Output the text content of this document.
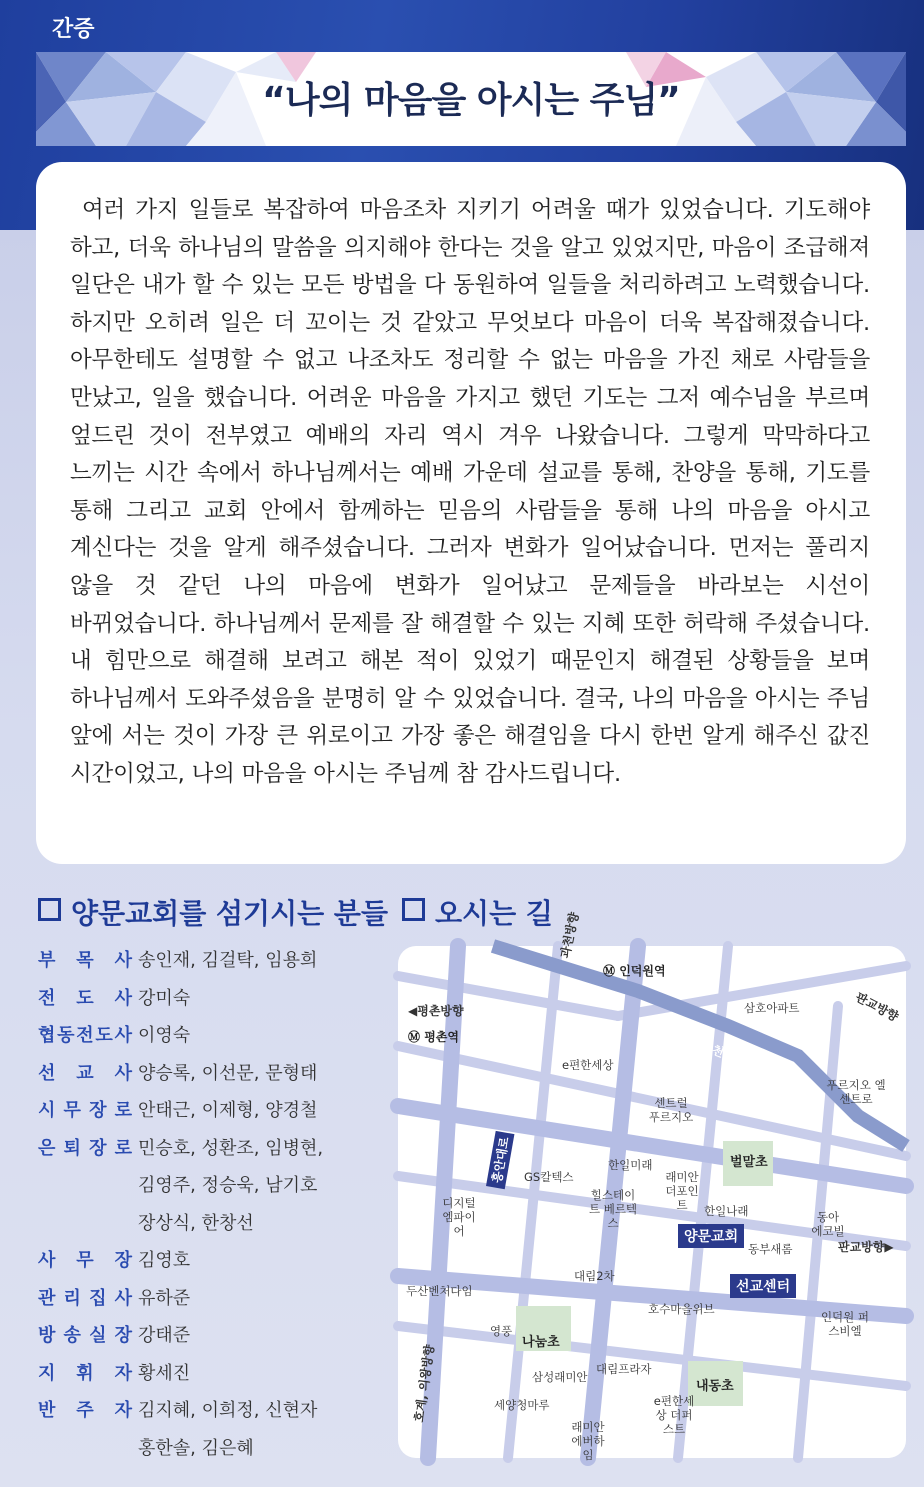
간증
“나의 마음을 아시는 주님”
여러 가지 일들로 복잡하여 마음조차 지키기 어려울 때가 있었습니다. 기도해야 하고, 더욱 하나님의 말씀을 의지해야 한다는 것을 알고 있었지만, 마음이 조급해져 일단은 내가 할 수 있는 모든 방법을 다 동원하여 일들을 처리하려고 노력했습니다. 하지만 오히려 일은 더 꼬이는 것 같았고 무엇보다 마음이 더욱 복잡해졌습니다. 아무한테도 설명할 수 없고 나조차도 정리할 수 없는 마음을 가진 채로 사람들을 만났고, 일을 했습니다. 어려운 마음을 가지고 했던 기도는 그저 예수님을 부르며 엎드린 것이 전부였고 예배의 자리 역시 겨우 나왔습니다. 그렇게 막막하다고 느끼는 시간 속에서 하나님께서는 예배 가운데 설교를 통해, 찬양을 통해, 기도를 통해 그리고 교회 안에서 함께하는 믿음의 사람들을 통해 나의 마음을 아시고 계신다는 것을 알게 해주셨습니다. 그러자 변화가 일어났습니다. 먼저는 풀리지 않을 것 같던 나의 마음에 변화가 일어났고 문제들을 바라보는 시선이 바뀌었습니다. 하나님께서 문제를 잘 해결할 수 있는 지혜 또한 허락해 주셨습니다. 내 힘만으로 해결해 보려고 해본 적이 있었기 때문인지 해결된 상황들을 보며 하나님께서 도와주셨음을 분명히 알 수 있었습니다. 결국, 나의 마음을 아시는 주님 앞에 서는 것이 가장 큰 위로이고 가장 좋은 해결임을 다시 한번 알게 해주신 값진 시간이었고, 나의 마음을 아시는 주님께 참 감사드립니다.
양문교회를 섬기시는 분들	오시는 길
부 목 사 송인재, 김걸탁, 임용희
전 도 사 강미숙
협 동 전 도 사 이영숙
선 교 사 양승록, 이선문, 문형태
시 무 장 로 안태근, 이제형, 양경철
은 퇴 장 로 민승호, 성환조, 임병현,
김영주, 정승욱, 남기호
장상식, 한창선
사 무 장 김영호
관 리 집 사 유하준
방 송 실 장 강태준
지 휘 자 황세진
반 주 자 김지혜, 이희정, 신현자
홍한솔, 김은혜
과천방향
◀평촌방향	판교방향
판교방향▶
학의천
흥안대로
호계, 의왕방향
Ⓜ 인덕원역
Ⓜ 평촌역
삼호아파트
e편한세상
푸르지오 엘센트로
센트럴 푸르지오
한일미래
래미안 더포인트
힐스테이트 베르텍스
GS칼텍스
디지털 엠파이어
한일나래	동아 에코빌
동부새롬
대림2차
두산벤처다임
호수마을위브
인덕원 퍼스비엘
영풍
대림프라자
삼성래미안
세양청마루	e편한세상 더퍼스트
래미안 에버하임
벌말초
나눔초
내동초
양문교회
선교센터
